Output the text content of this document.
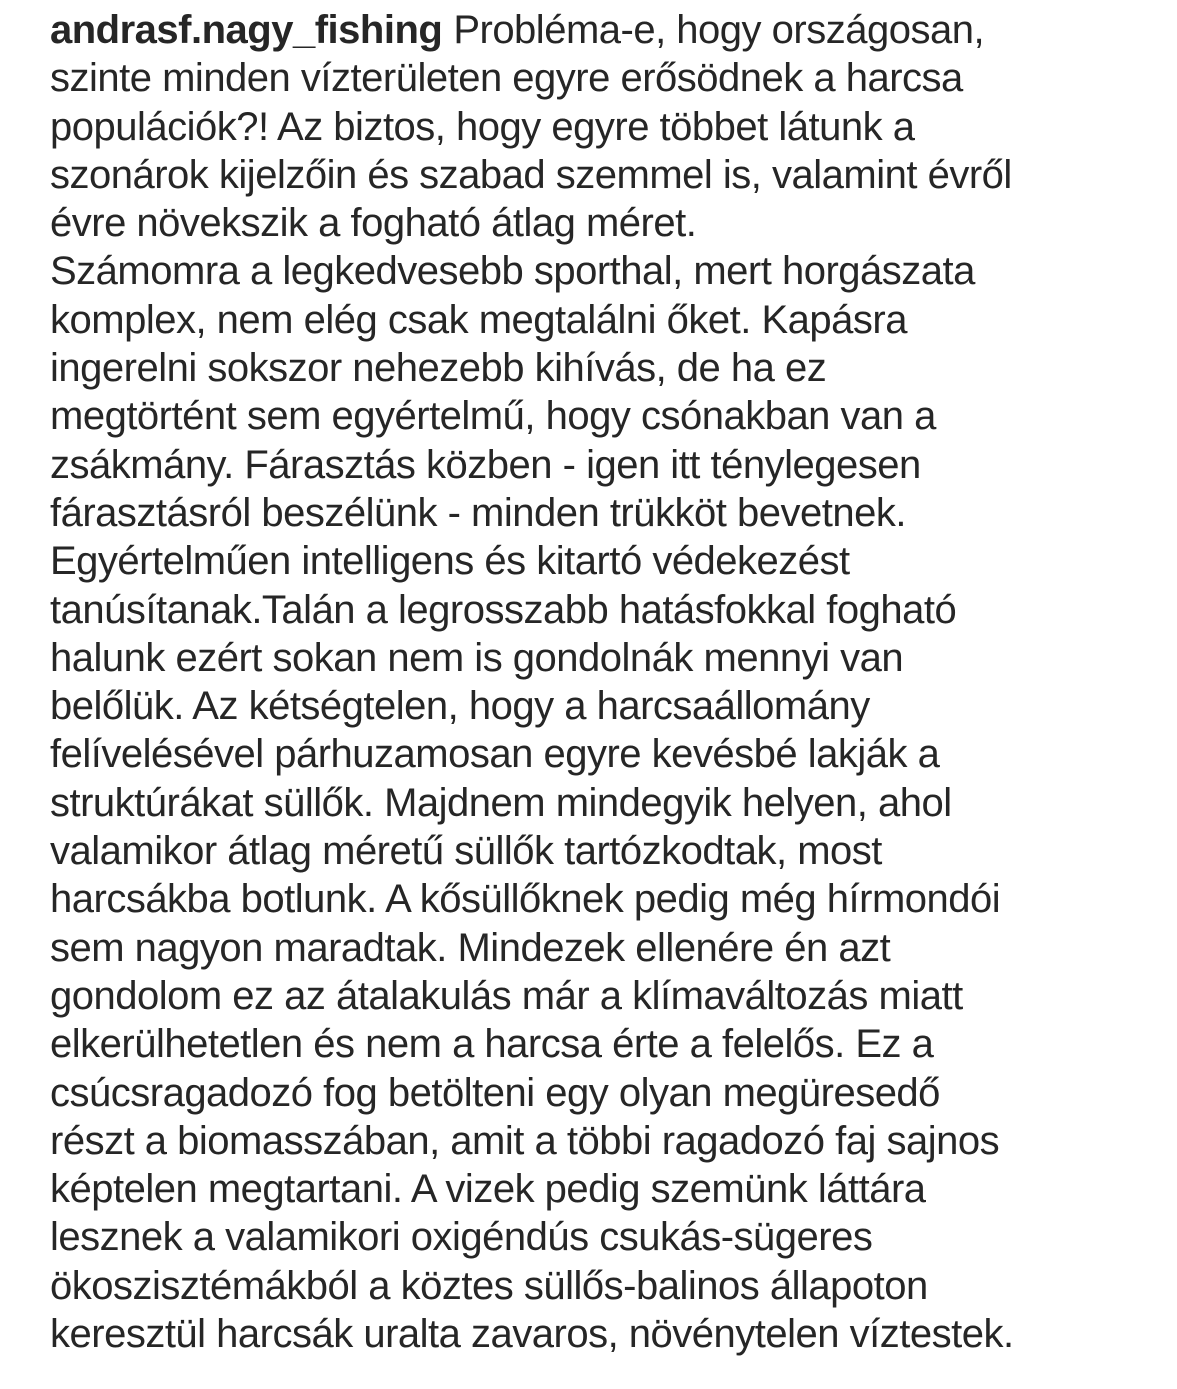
andrasf.nagy_fishing Probléma-e, hogy országosan,
szinte minden vízterületen egyre erősödnek a harcsa
populációk?! Az biztos, hogy egyre többet látunk a
szonárok kijelzőin és szabad szemmel is, valamint évről
évre növekszik a fogható átlag méret.
Számomra a legkedvesebb sporthal, mert horgászata
komplex, nem elég csak megtalálni őket. Kapásra
ingerelni sokszor nehezebb kihívás, de ha ez
megtörtént sem egyértelmű, hogy csónakban van a
zsákmány. Fárasztás közben - igen itt ténylegesen
fárasztásról beszélünk - minden trükköt bevetnek.
Egyértelműen intelligens és kitartó védekezést
tanúsítanak.Talán a legrosszabb hatásfokkal fogható
halunk ezért sokan nem is gondolnák mennyi van
belőlük. Az kétségtelen, hogy a harcsaállomány
felívelésével párhuzamosan egyre kevésbé lakják a
struktúrákat süllők. Majdnem mindegyik helyen, ahol
valamikor átlag méretű süllők tartózkodtak, most
harcsákba botlunk. A kősüllőknek pedig még hírmondói
sem nagyon maradtak. Mindezek ellenére én azt
gondolom ez az átalakulás már a klímaváltozás miatt
elkerülhetetlen és nem a harcsa érte a felelős. Ez a
csúcsragadozó fog betölteni egy olyan megüresedő
részt a biomasszában, amit a többi ragadozó faj sajnos
képtelen megtartani. A vizek pedig szemünk láttára
lesznek a valamikori oxigéndús csukás-sügeres
ökoszisztémákból a köztes süllős-balinos állapoton
keresztül harcsák uralta zavaros, növénytelen víztestek.
